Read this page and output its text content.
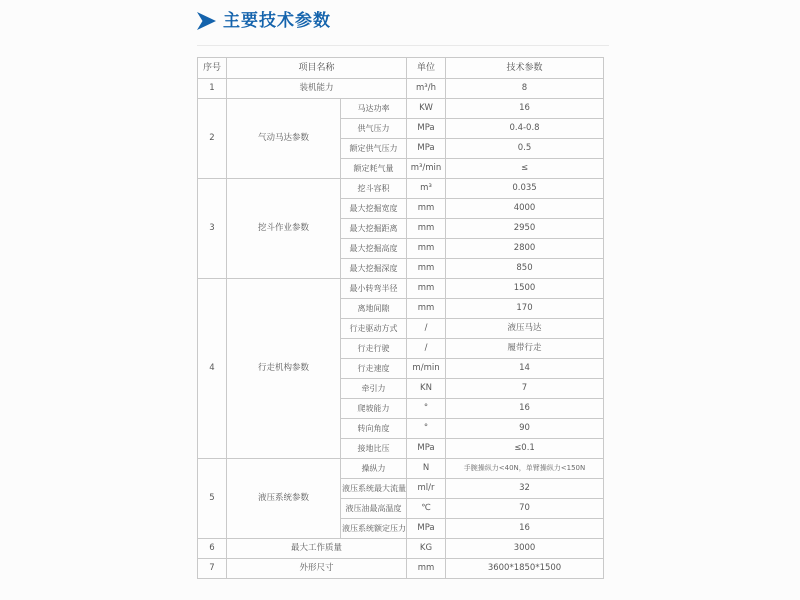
主要技术参数
序号	项目名称		单位	技术参数
1	装机能力		m³/h	8
2	气动马达参数	马达功率	KW	16
		供气压力	MPa	0.4-0.8
		额定供气压力	MPa	0.5
		额定耗气量	m³/min	≤
3	挖斗作业参数	挖斗容积	m³	0.035
		最大挖掘宽度	mm	4000
		最大挖掘距离	mm	2950
		最大挖掘高度	mm	2800
		最大挖掘深度	mm	850
4	行走机构参数	最小转弯半径	mm	1500
		离地间隙	mm	170
		行走驱动方式	/	液压马达
		行走行驶	/	履带行走
		行走速度	m/min	14
		牵引力	KN	7
		爬坡能力	°	16
		转向角度	°	90
		接地比压	MPa	≤0.1
5	液压系统参数	操纵力	N	手腕操纵力<40N，单臂操纵力<150N
		液压系统最大流量	ml/r	32
		液压油最高温度	℃	70
		液压系统额定压力	MPa	16
6	最大工作质量		KG	3000
7	外形尺寸		mm	3600*1850*1500
